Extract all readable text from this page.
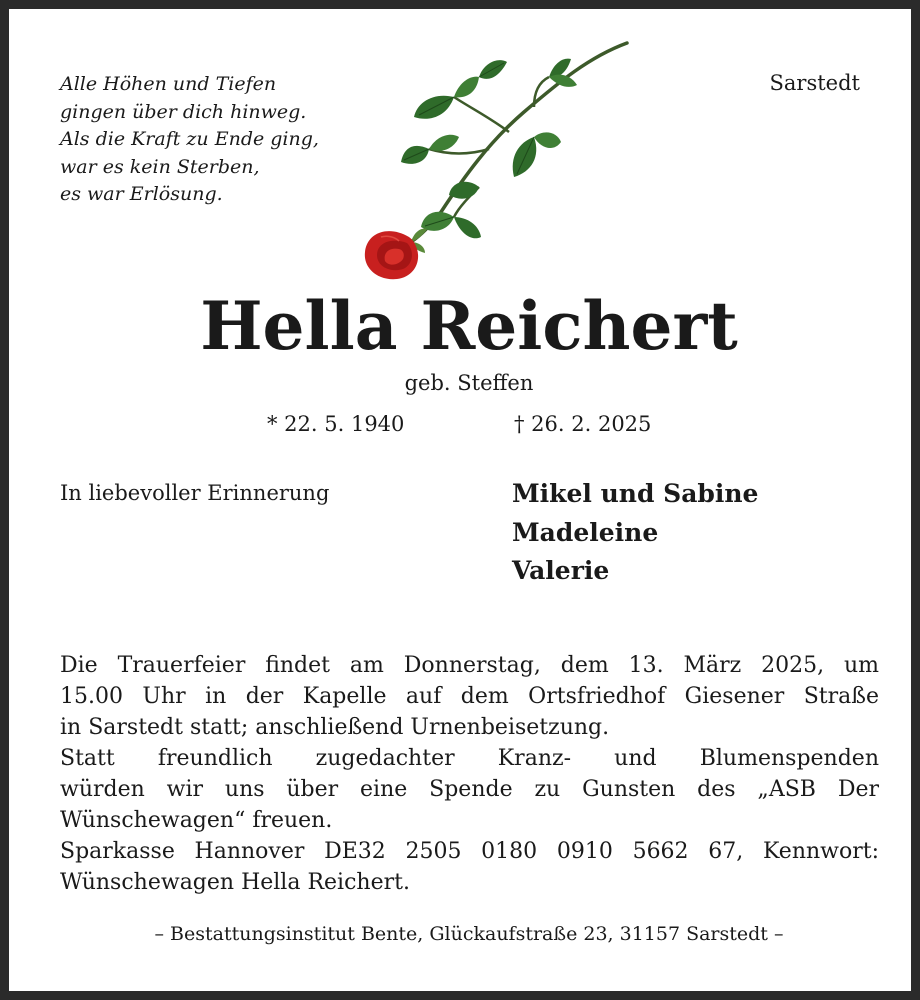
Alle Höhen und Tiefen
gingen über dich hinweg.
Als die Kraft zu Ende ging,
war es kein Sterben,
es war Erlösung.
Sarstedt
Hella Reichert
geb. Steffen
* 22. 5. 1940	† 26. 2. 2025
In liebevoller Erinnerung	Mikel und Sabine
Madeleine
Valerie
Die Trauerfeier findet am Donnerstag, dem 13. März 2025, um
15.00 Uhr in der Kapelle auf dem Ortsfriedhof Giesener Straße
in Sarstedt statt; anschließend Urnenbeisetzung.
Statt freundlich zugedachter Kranz- und Blumenspenden
würden wir uns über eine Spende zu Gunsten des „ASB Der
Wünschewagen“ freuen.
Sparkasse Hannover DE32 2505 0180 0910 5662 67, Kennwort:
Wünschewagen Hella Reichert.
– Bestattungsinstitut Bente, Glückaufstraße 23, 31157 Sarstedt –
